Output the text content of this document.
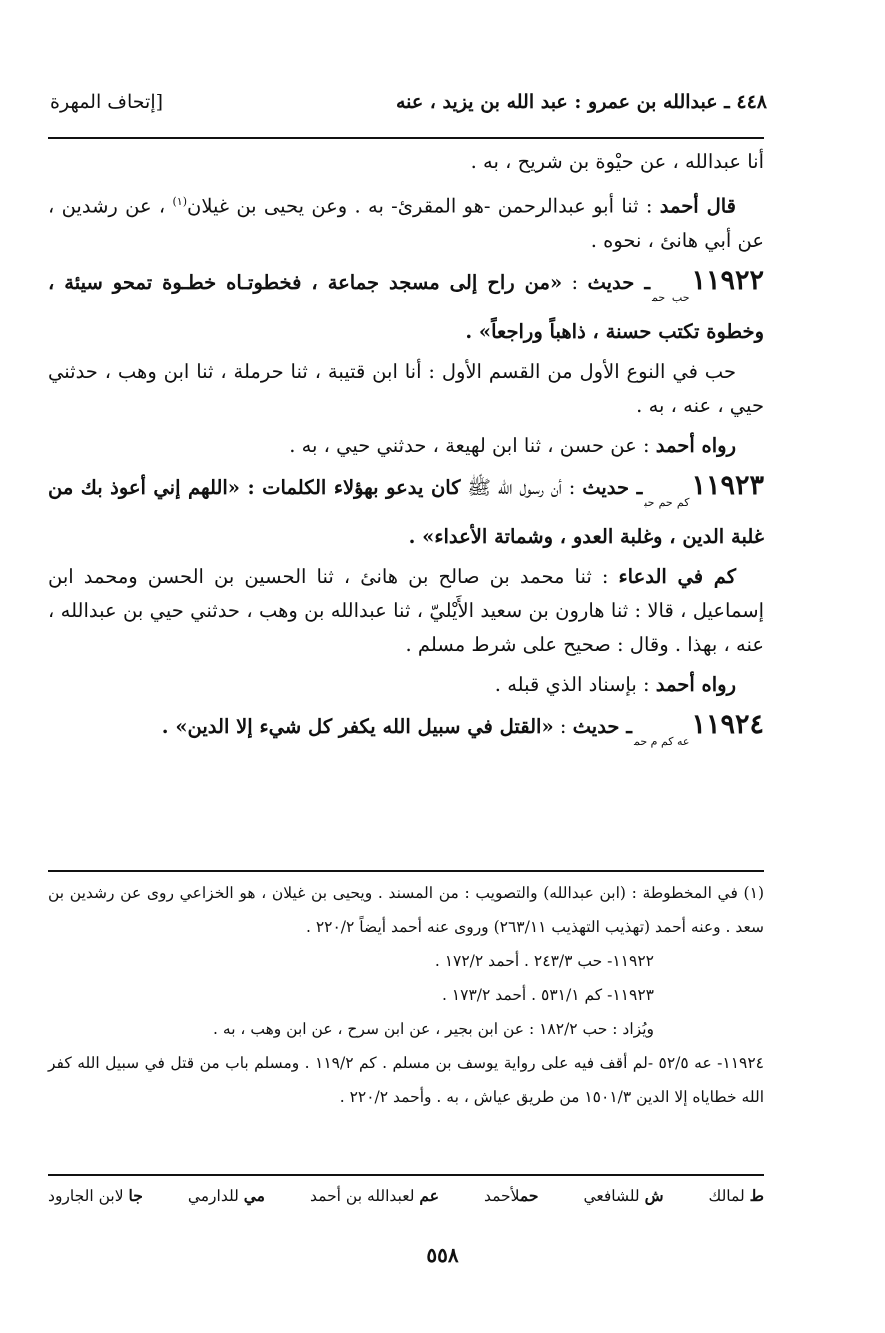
٤٤٨ ـ عبدالله بن عمرو : عبد الله بن يزيد ، عنه
[إتحاف المهرة

أنا عبدالله ، عن حيْوة بن شريح ، به .

قال أحمد : ثنا أبو عبدالرحمن -هو المقرئ- به . وعن يحيى بن غيلان$^{(١)}$ ، عن رشدين ، عن أبي هانئ ، نحوه .

$١١٩٢٢_{حب حم}ـ$ حديث : «من راح إلى مسجد جماعة ، فخطوتـاه خطـوة تمحو سيئة ، وخطوة تكتب حسنة ، ذاهباً وراجعاً» .

حب في النوع الأول من القسم الأول : أنا ابن قتيبة ، ثنا حرملة ، ثنا ابن وهب ، حدثني حيي ، عنه ، به .

رواه أحمد : عن حسن ، ثنا ابن لهيعة ، حدثني حيي ، به .

$١١٩٢٣_{كم حم حب}ـ$ حديث : أن رسول الله ﷺ كان يدعو بهؤلاء الكلمات : «اللهم إني أعوذ بك من غلبة الدين ، وغلبة العدو ، وشماتة الأعداء» .

كم في الدعاء : ثنا محمد بن صالح بن هانئ ، ثنا الحسين بن الحسن ومحمد ابن إسماعيل ، قالا : ثنا هارون بن سعيد الأَيْليّ ، ثنا عبدالله بن وهب ، حدثني حيي بن عبدالله ، عنه ، بهذا . وقال : صحيح على شرط مسلم .

رواه أحمد : بإسناد الذي قبله .

$١١٩٢٤_{عه كم م حم}ـ$ حديث : «القتل في سبيل الله يكفر كل شيء إلا الدين» .

(١) في المخطوطة : (ابن عبدالله) والتصويب : من المسند . ويحيى بن غيلان ، هو الخزاعي روى عن رشدين بن سعد . وعنه أحمد (تهذيب التهذيب ٢٦٣/١١) وروى عنه أحمد أيضاً ٢٢٠/٢ .

١١٩٢٢- حب ٢٤٣/٣ . أحمد ١٧٢/٢ .

١١٩٢٣- كم ٥٣١/١ . أحمد ١٧٣/٢ .

ويُزاد : حب ١٨٢/٢ : عن ابن بجير ، عن ابن سرح ، عن ابن وهب ، به .

١١٩٢٤- عه ٥٢/٥ -لم أقف فيه على رواية يوسف بن مسلم . كم ١١٩/٢ . ومسلم باب من قتل في سبيل الله كفر الله خطاياه إلا الدين ١٥٠١/٣ من طريق عياش ، به . وأحمد ٢٢٠/٢ .

ط لمالك
ش للشافعي
حملأحمد
عم لعبدالله بن أحمد
مي للدارمي
جا لابن الجارود
٥٥٨
